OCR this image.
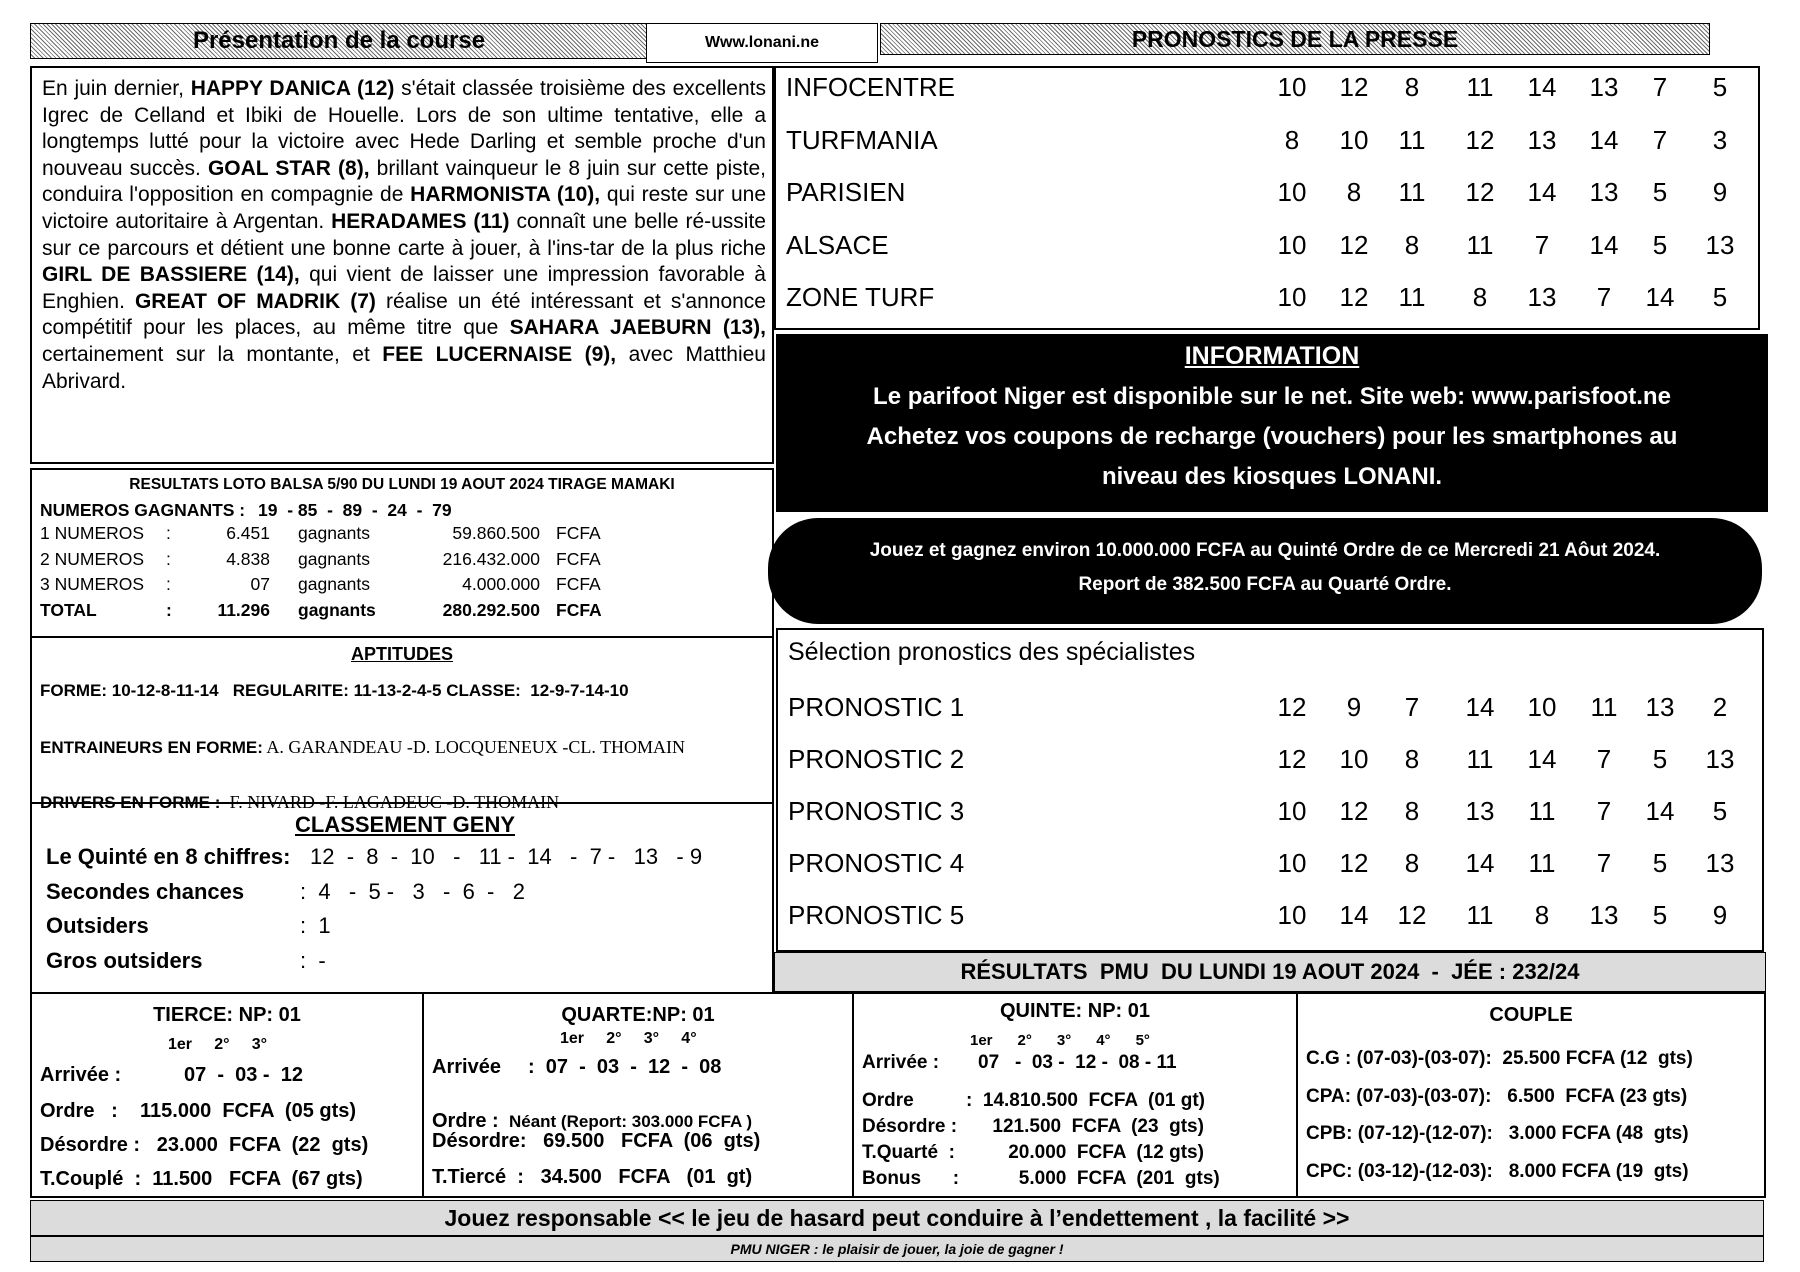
Présentation de la course	Www.lonani.ne	PRONOSTICS DE LA PRESSE

En juin dernier, HAPPY DANICA (12) s'était classée troisième des excellents Igrec de Celland et Ibiki de Houelle. Lors de son ultime tentative, elle a longtemps lutté pour la victoire avec Hede Darling et semble proche d'un nouveau succès. GOAL STAR (8), brillant vainqueur le 8 juin sur cette piste, conduira l'opposition en compagnie de HARMONISTA (10), qui reste sur une victoire autoritaire à Argentan. HERADAMES (11) connaît une belle ré-ussite sur ce parcours et détient une bonne carte à jouer, à l'ins-tar de la plus riche GIRL DE BASSIERE (14), qui vient de laisser une impression favorable à Enghien. GREAT OF MADRIK (7) réalise un été intéressant et s'annonce compétitif pour les places, au même titre que SAHARA JAEBURN (13), certainement sur la montante, et FEE LUCERNAISE (9), avec Matthieu Abrivard.

INFOCENTRE	10	12	8	11	14	13	7	5
TURFMANIA	8	10	11	12	13	14	7	3
PARISIEN	10	8	11	12	14	13	5	9
ALSACE	10	12	8	11	7	14	5	13
ZONE TURF	10	12	11	8	13	7	14	5
INFORMATION
Le parifoot Niger est disponible sur le net. Site web: www.parisfoot.ne
Achetez vos coupons de recharge (vouchers) pour les smartphones au
niveau des kiosques LONANI.
Jouez et gagnez environ 10.000.000 FCFA au Quinté Ordre de ce Mercredi 21 Aôut 2024.
Report de 382.500 FCFA au Quarté Ordre.
RESULTATS LOTO BALSA 5/90 DU LUNDI 19 AOUT 2024 TIRAGE MAMAKI
NUMEROS GAGNANTS : 19  - 85  -  89  -  24  -  79
1 NUMEROS :	6.451 gagnants	59.860.500 FCFA
2 NUMEROS :	4.838 gagnants	216.432.000 FCFA
3 NUMEROS :	07 gagnants	4.000.000 FCFA
TOTAL	:	11.296 gagnants	280.292.500 FCFA
APTITUDES
FORME: 10-12-8-11-14   REGULARITE: 11-13-2-4-5 CLASSE:  12-9-7-14-10

ENTRAINEURS EN FORME: A. GARANDEAU -D. LOCQUENEUX -CL. THOMAIN

DRIVERS EN FORME :  F. NIVARD -F. LAGADEUC -D. THOMAIN

CLASSEMENT GENY
Le Quinté en 8 chiffres: 12  -  8  -  10   -   11 -  14   -  7 -   13   - 9
Secondes chances	:  4   -  5 -   3   -  6  -   2
Outsiders	:  1
Gros outsiders	:  -
Sélection pronostics des spécialistes
PRONOSTIC 1	12	9	7	14	10	11	13	2
PRONOSTIC 2	12	10	8	11	14	7	5	13
PRONOSTIC 3	10	12	8	13	11	7	14	5
PRONOSTIC 4	10	12	8	14	11	7	5	13
PRONOSTIC 5	10	14	12	11	8	13	5	9
RÉSULTATS  PMU  DU LUNDI 19 AOUT 2024  -  JÉE : 232/24
TIERCE: NP: 01
1er     2°     3°
Arrivée :	07  -  03 -  12
Ordre   :    115.000  FCFA  (05 gts)
Désordre :   23.000  FCFA  (22  gts)
T.Couplé  :  11.500   FCFA  (67 gts)
QUARTE:NP: 01
1er     2°     3°     4°
Arrivée :  07  -  03  -  12  -  08

Ordre :  Néant (Report: 303.000 FCFA )

Désordre:   69.500   FCFA  (06  gts)
T.Tiercé  :   34.500   FCFA   (01  gt)
QUINTE: NP: 01
1er      2°      3°      4°      5°
Arrivée : 07   -  03 -  12 -  08 - 11
Ordre	:  14.810.500  FCFA  (01 gt)
Désordre : 121.500  FCFA  (23  gts)
T.Quarté  : 20.000  FCFA  (12 gts)
Bonus      : 5.000  FCFA  (201  gts)
COUPLE
C.G : (07-03)-(03-07):  25.500 FCFA (12  gts)
CPA: (07-03)-(03-07):   6.500  FCFA (23 gts)
CPB: (07-12)-(12-07):   3.000 FCFA (48  gts)
CPC: (03-12)-(12-03):   8.000 FCFA (19  gts)
Jouez responsable << le jeu de hasard peut conduire à l’endettement , la facilité >>
PMU NIGER : le plaisir de jouer, la joie de gagner !
